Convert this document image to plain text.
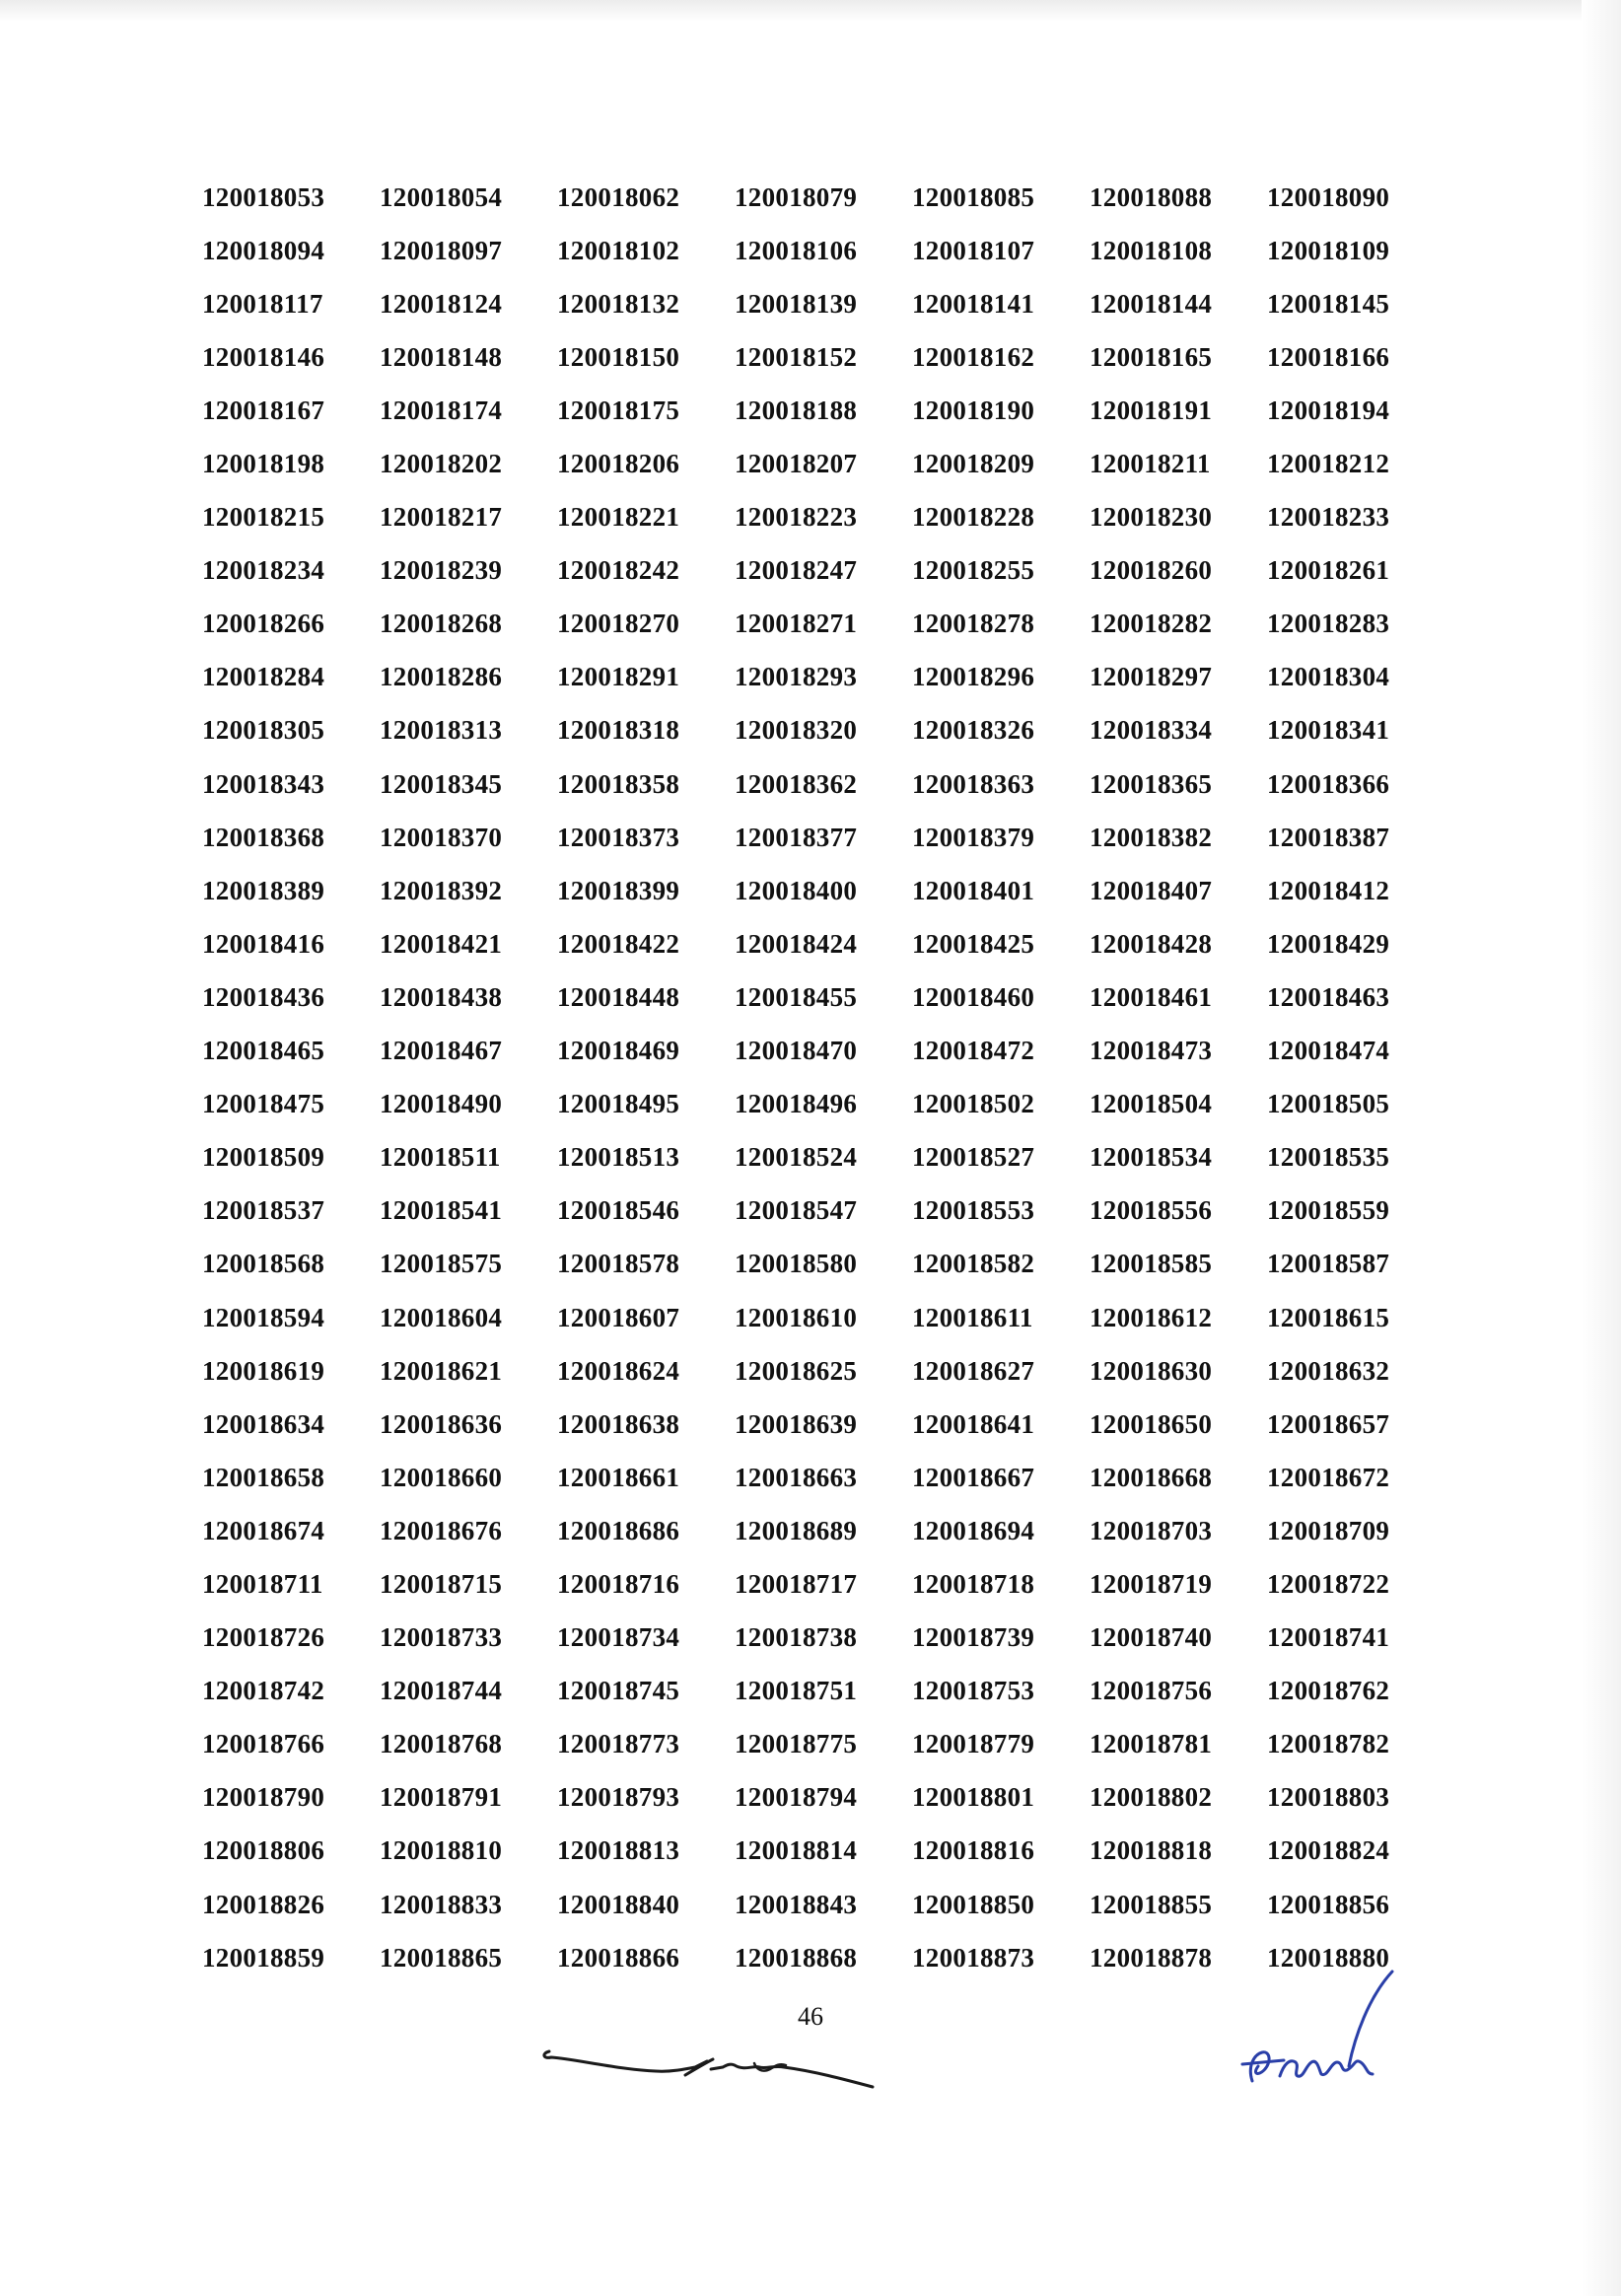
120018053	120018054	120018062	120018079	120018085	120018088	120018090
120018094	120018097	120018102	120018106	120018107	120018108	120018109
120018117	120018124	120018132	120018139	120018141	120018144	120018145
120018146	120018148	120018150	120018152	120018162	120018165	120018166
120018167	120018174	120018175	120018188	120018190	120018191	120018194
120018198	120018202	120018206	120018207	120018209	120018211	120018212
120018215	120018217	120018221	120018223	120018228	120018230	120018233
120018234	120018239	120018242	120018247	120018255	120018260	120018261
120018266	120018268	120018270	120018271	120018278	120018282	120018283
120018284	120018286	120018291	120018293	120018296	120018297	120018304
120018305	120018313	120018318	120018320	120018326	120018334	120018341
120018343	120018345	120018358	120018362	120018363	120018365	120018366
120018368	120018370	120018373	120018377	120018379	120018382	120018387
120018389	120018392	120018399	120018400	120018401	120018407	120018412
120018416	120018421	120018422	120018424	120018425	120018428	120018429
120018436	120018438	120018448	120018455	120018460	120018461	120018463
120018465	120018467	120018469	120018470	120018472	120018473	120018474
120018475	120018490	120018495	120018496	120018502	120018504	120018505
120018509	120018511	120018513	120018524	120018527	120018534	120018535
120018537	120018541	120018546	120018547	120018553	120018556	120018559
120018568	120018575	120018578	120018580	120018582	120018585	120018587
120018594	120018604	120018607	120018610	120018611	120018612	120018615
120018619	120018621	120018624	120018625	120018627	120018630	120018632
120018634	120018636	120018638	120018639	120018641	120018650	120018657
120018658	120018660	120018661	120018663	120018667	120018668	120018672
120018674	120018676	120018686	120018689	120018694	120018703	120018709
120018711	120018715	120018716	120018717	120018718	120018719	120018722
120018726	120018733	120018734	120018738	120018739	120018740	120018741
120018742	120018744	120018745	120018751	120018753	120018756	120018762
120018766	120018768	120018773	120018775	120018779	120018781	120018782
120018790	120018791	120018793	120018794	120018801	120018802	120018803
120018806	120018810	120018813	120018814	120018816	120018818	120018824
120018826	120018833	120018840	120018843	120018850	120018855	120018856
120018859	120018865	120018866	120018868	120018873	120018878	120018880
46
